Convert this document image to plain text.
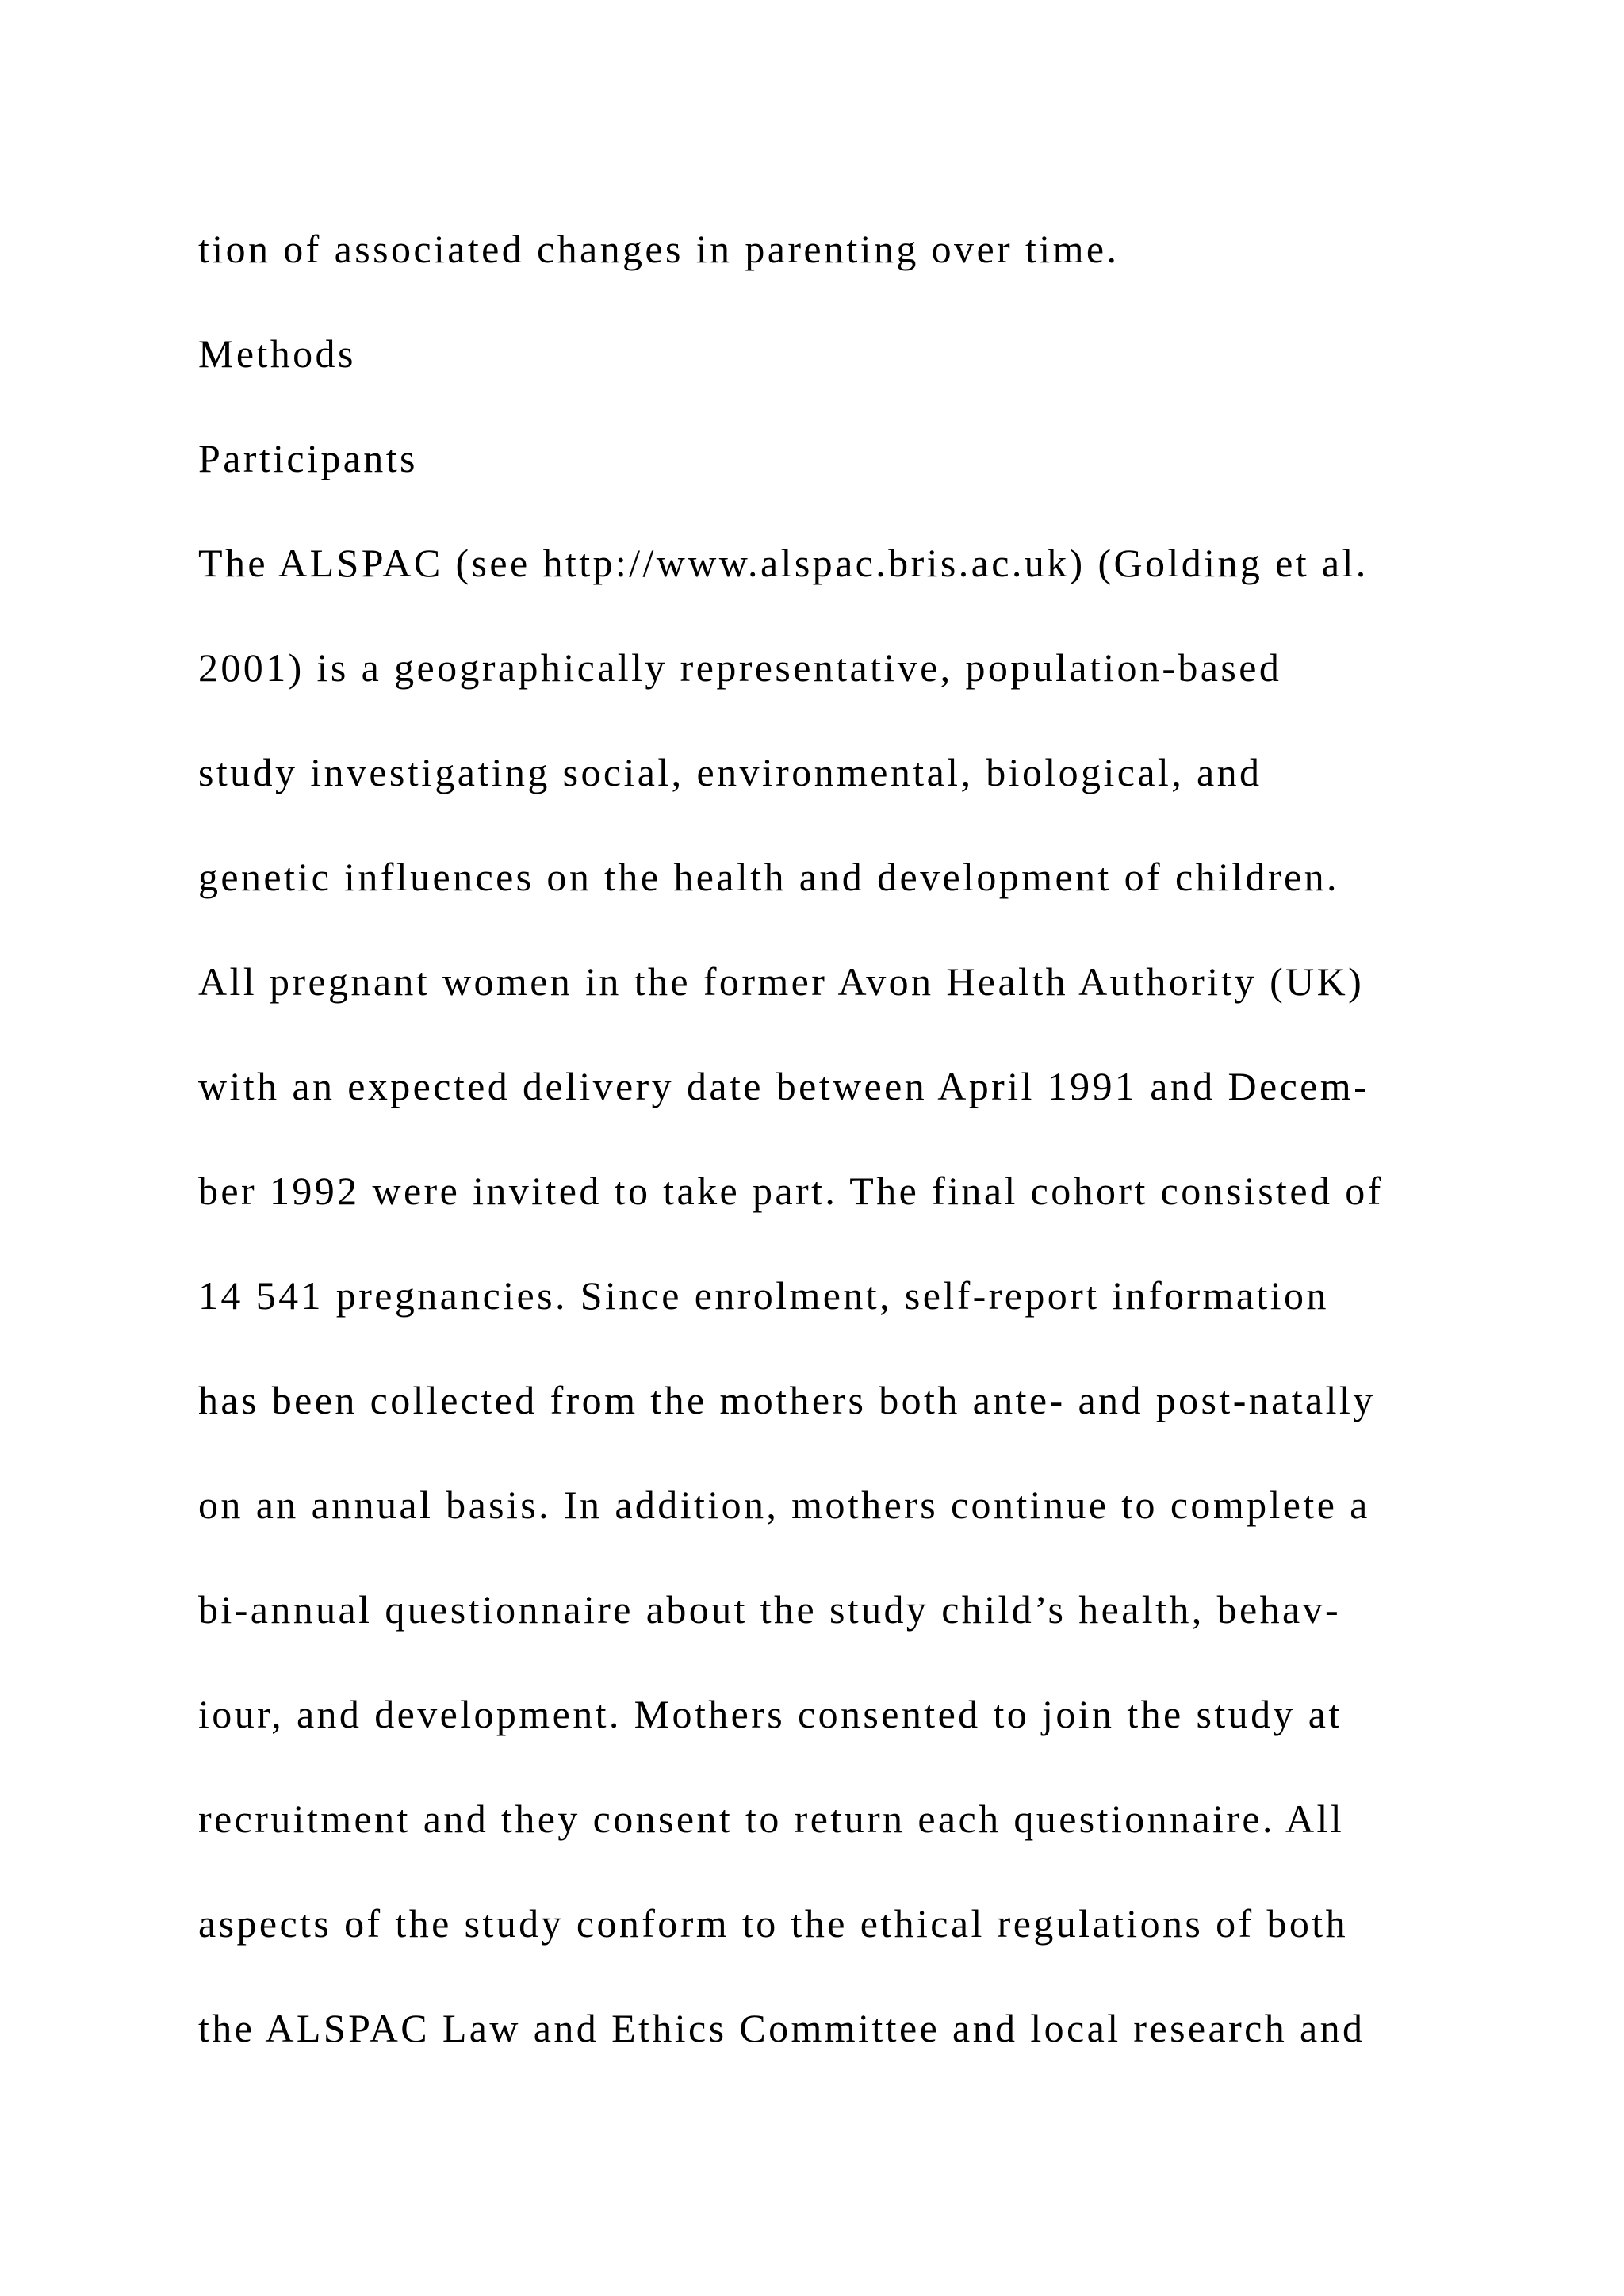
tion of associated changes in parenting over time.
Methods
Participants
The ALSPAC (see http://www.alspac.bris.ac.uk) (Golding et al.
2001) is a geographically representative, population-based
study investigating social, environmental, biological, and
genetic influences on the health and development of children.
All pregnant women in the former Avon Health Authority (UK)
with an expected delivery date between April 1991 and Decem-
ber 1992 were invited to take part. The final cohort consisted of
14 541 pregnancies. Since enrolment, self-report information
has been collected from the mothers both ante- and post-natally
on an annual basis. In addition, mothers continue to complete a
bi-annual questionnaire about the study child’s health, behav-
iour, and development. Mothers consented to join the study at
recruitment and they consent to return each questionnaire. All
aspects of the study conform to the ethical regulations of both
the ALSPAC Law and Ethics Committee and local research and
